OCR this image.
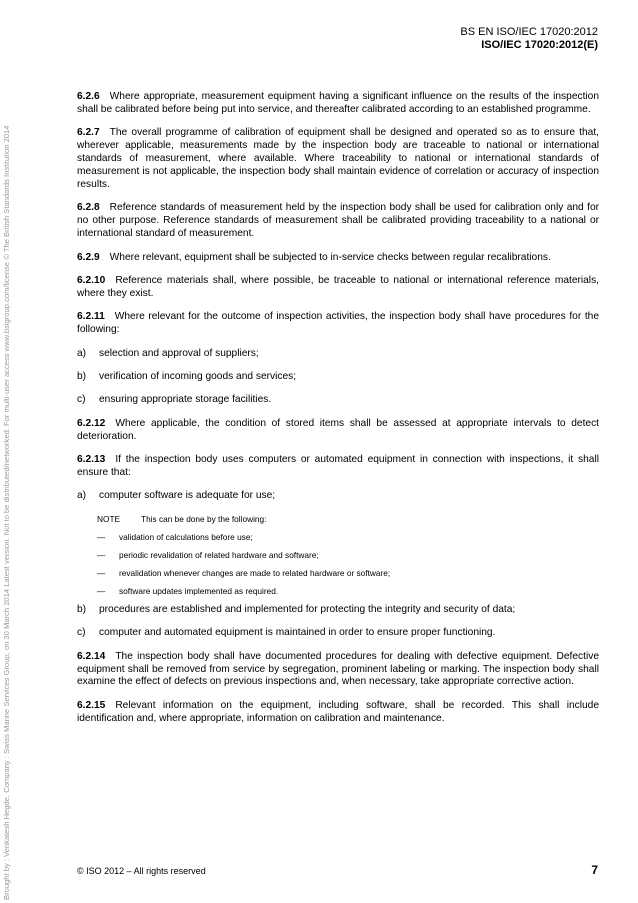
Brought by : Venkatesh Hegde, Company : Swiss Marine Services Group, on 30 March 2014 Latest version. Not to be distributed/networked. For multi-user access www.bsigroup.com/license © The British Standards Institution 2014
BS EN ISO/IEC 17020:2012
ISO/IEC 17020:2012(E)

6.2.6 Where appropriate, measurement equipment having a significant influence on the results of the inspection shall be calibrated before being put into service, and thereafter calibrated according to an established programme.

6.2.7 The overall programme of calibration of equipment shall be designed and operated so as to ensure that, wherever applicable, measurements made by the inspection body are traceable to national or international standards of measurement, where available. Where traceability to national or international standards of measurement is not applicable, the inspection body shall maintain evidence of correlation or accuracy of inspection results.

6.2.8 Reference standards of measurement held by the inspection body shall be used for calibration only and for no other purpose. Reference standards of measurement shall be calibrated providing traceability to a national or international standard of measurement.

6.2.9 Where relevant, equipment shall be subjected to in-service checks between regular recalibrations.

6.2.10 Reference materials shall, where possible, be traceable to national or international reference materials, where they exist.

6.2.11 Where relevant for the outcome of inspection activities, the inspection body shall have procedures for the following:

a)	selection and approval of suppliers;
b)	verification of incoming goods and services;
c)	ensuring appropriate storage facilities.

6.2.12 Where applicable, the condition of stored items shall be assessed at appropriate intervals to detect deterioration.

6.2.13 If the inspection body uses computers or automated equipment in connection with inspections, it shall ensure that:

a)	computer software is adequate for use;
NOTE	This can be done by the following:
—	validation of calculations before use;
—	periodic revalidation of related hardware and software;
—	revalidation whenever changes are made to related hardware or software;
—	software updates implemented as required.
b)	procedures are established and implemented for protecting the integrity and security of data;
c)	computer and automated equipment is maintained in order to ensure proper functioning.

6.2.14 The inspection body shall have documented procedures for dealing with defective equipment. Defective equipment shall be removed from service by segregation, prominent labeling or marking. The inspection body shall examine the effect of defects on previous inspections and, when necessary, take appropriate corrective action.

6.2.15 Relevant information on the equipment, including software, shall be recorded. This shall include identification and, where appropriate, information on calibration and maintenance.

© ISO 2012 – All rights reserved	7
